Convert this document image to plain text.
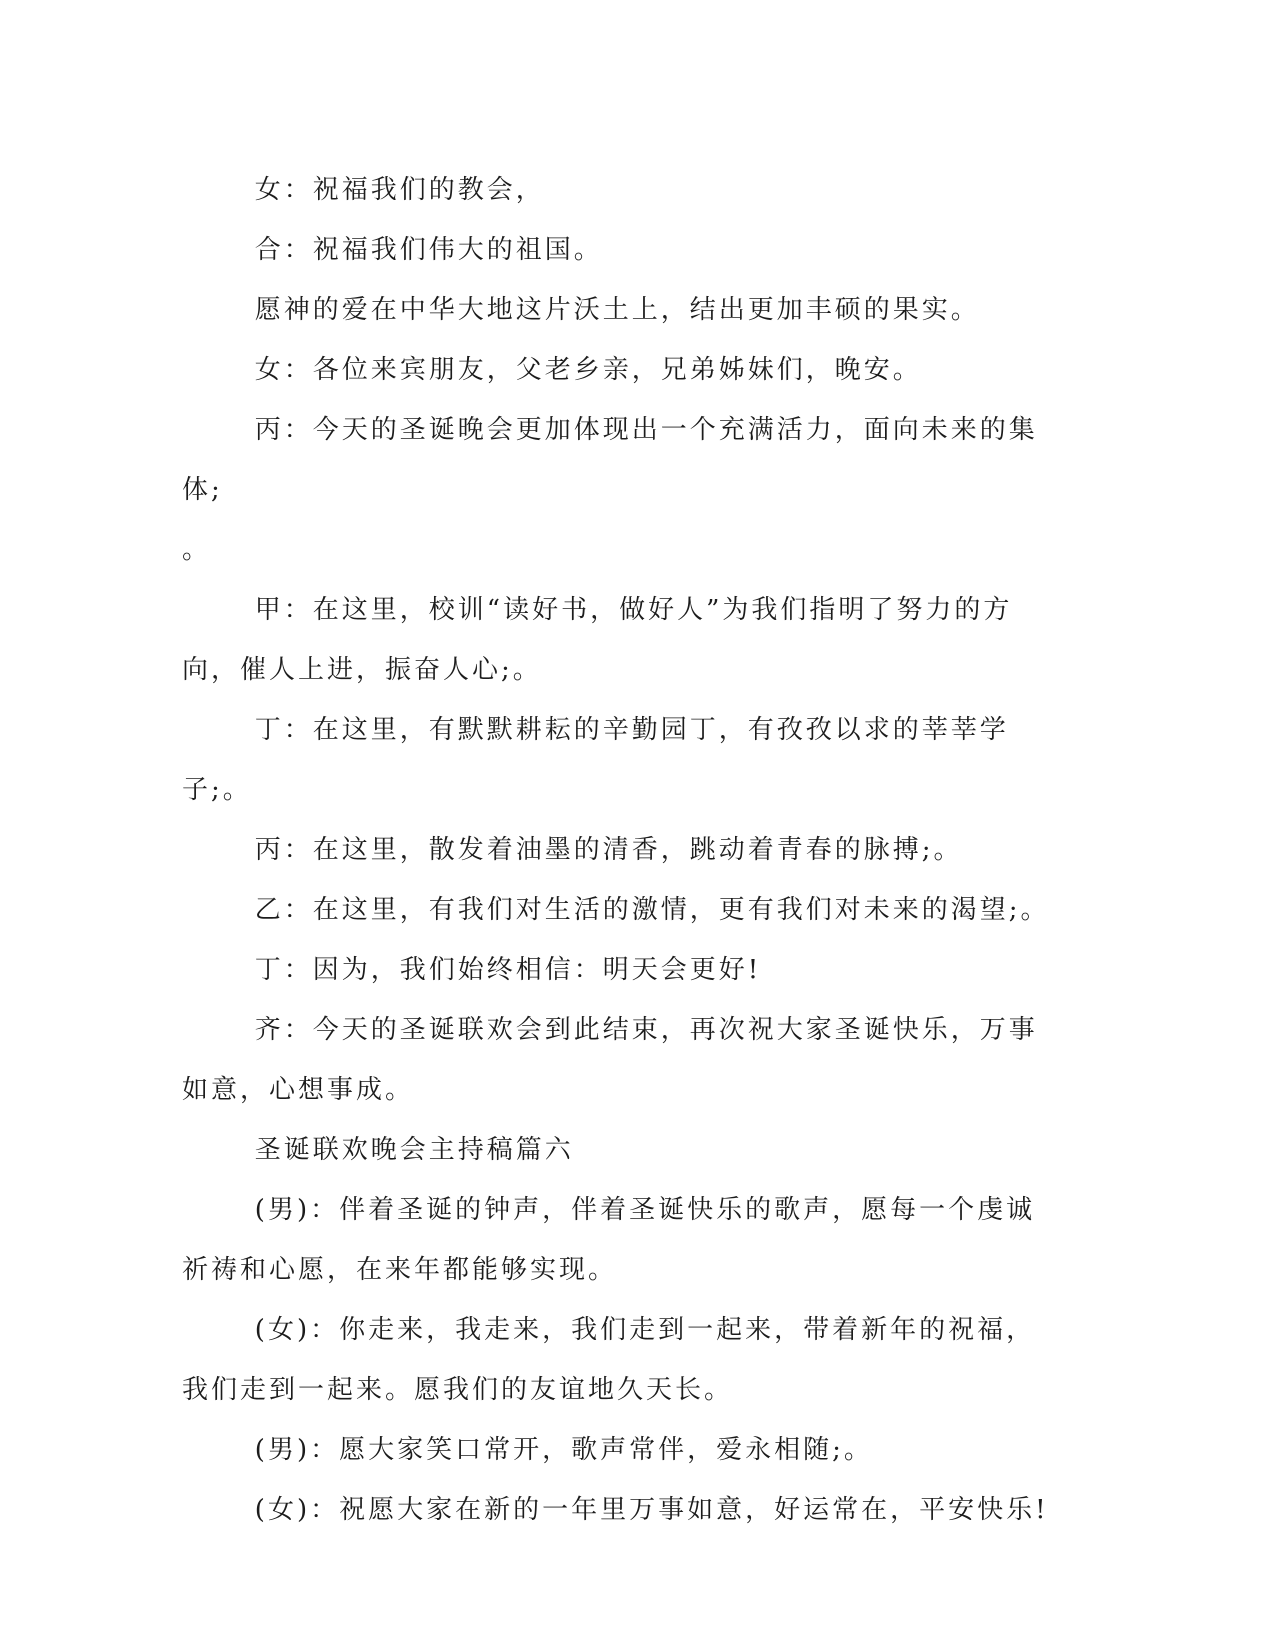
女：祝福我们的教会，

合：祝福我们伟大的祖国。

愿神的爱在中华大地这片沃土上，结出更加丰硕的果实。

女：各位来宾朋友，父老乡亲，兄弟姊妹们，晚安。

丙：今天的圣诞晚会更加体现出一个充满活力，面向未来的集体;

。

甲：在这里，校训“读好书，做好人”为我们指明了努力的方向，催人上进，振奋人心;。

丁：在这里，有默默耕耘的辛勤园丁，有孜孜以求的莘莘学子;。

丙：在这里，散发着油墨的清香，跳动着青春的脉搏;。

乙：在这里，有我们对生活的激情，更有我们对未来的渴望;。

丁：因为，我们始终相信：明天会更好!

齐：今天的圣诞联欢会到此结束，再次祝大家圣诞快乐，万事如意，心想事成。

圣诞联欢晚会主持稿篇六

(男)：伴着圣诞的钟声，伴着圣诞快乐的歌声，愿每一个虔诚祈祷和心愿，在来年都能够实现。

(女)：你走来，我走来，我们走到一起来，带着新年的祝福，我们走到一起来。愿我们的友谊地久天长。

(男)：愿大家笑口常开，歌声常伴，爱永相随;。

(女)：祝愿大家在新的一年里万事如意，好运常在，平安快乐!
